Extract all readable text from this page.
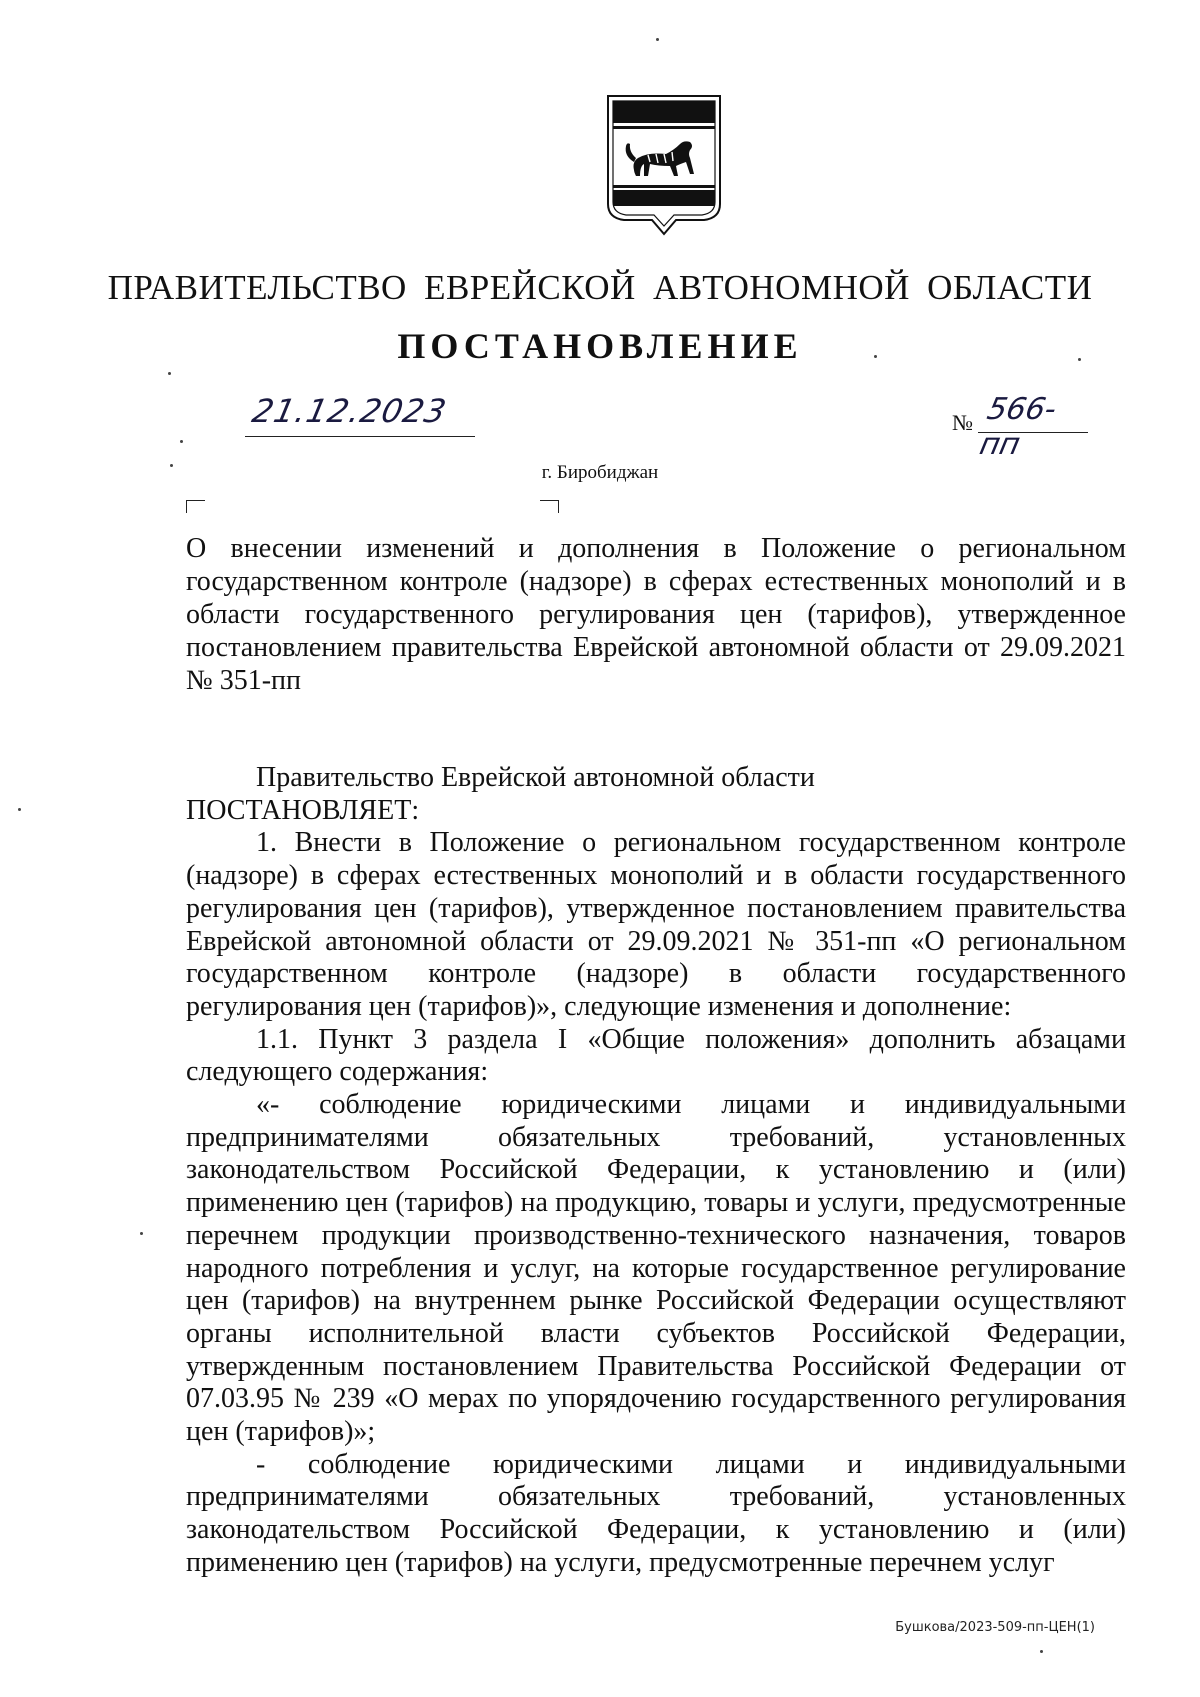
ПРАВИТЕЛЬСТВО ЕВРЕЙСКОЙ АВТОНОМНОЙ ОБЛАСТИ
ПОСТАНОВЛЕНИЕ
21.12.2023	№ 566-пп
г. Биробиджан
О внесении изменений и дополнения в Положение о региональном государственном контроле (надзоре) в сферах естественных монополий и в области государственного регулирования цен (тарифов), утвержденное постановлением правительства Еврейской автономной области от 29.09.2021 № 351-пп

Правительство Еврейской автономной области

ПОСТАНОВЛЯЕТ:

1. Внести в Положение о региональном государственном контроле (надзоре) в сферах естественных монополий и в области государственного регулирования цен (тарифов), утвержденное постановлением правительства Еврейской автономной области от 29.09.2021 № 351-пп «О региональном государственном контроле (надзоре) в области государственного регулирования цен (тарифов)», следующие изменения и дополнение:

1.1. Пункт 3 раздела I «Общие положения» дополнить абзацами следующего содержания:

«- соблюдение юридическими лицами и индивидуальными предпринимателями обязательных требований, установленных законодательством Российской Федерации, к установлению и (или) применению цен (тарифов) на продукцию, товары и услуги, предусмотренные перечнем продукции производственно-технического назначения, товаров народного потребления и услуг, на которые государственное регулирование цен (тарифов) на внутреннем рынке Российской Федерации осуществляют органы исполнительной власти субъектов Российской Федерации, утвержденным постановлением Правительства Российской Федерации от 07.03.95 № 239 «О мерах по упорядочению государственного регулирования цен (тарифов)»;

- соблюдение юридическими лицами и индивидуальными предпринимателями обязательных требований, установленных законодательством Российской Федерации, к установлению и (или) применению цен (тарифов) на услуги, предусмотренные перечнем услуг

Бушкова/2023-509-пп-ЦЕН(1)
